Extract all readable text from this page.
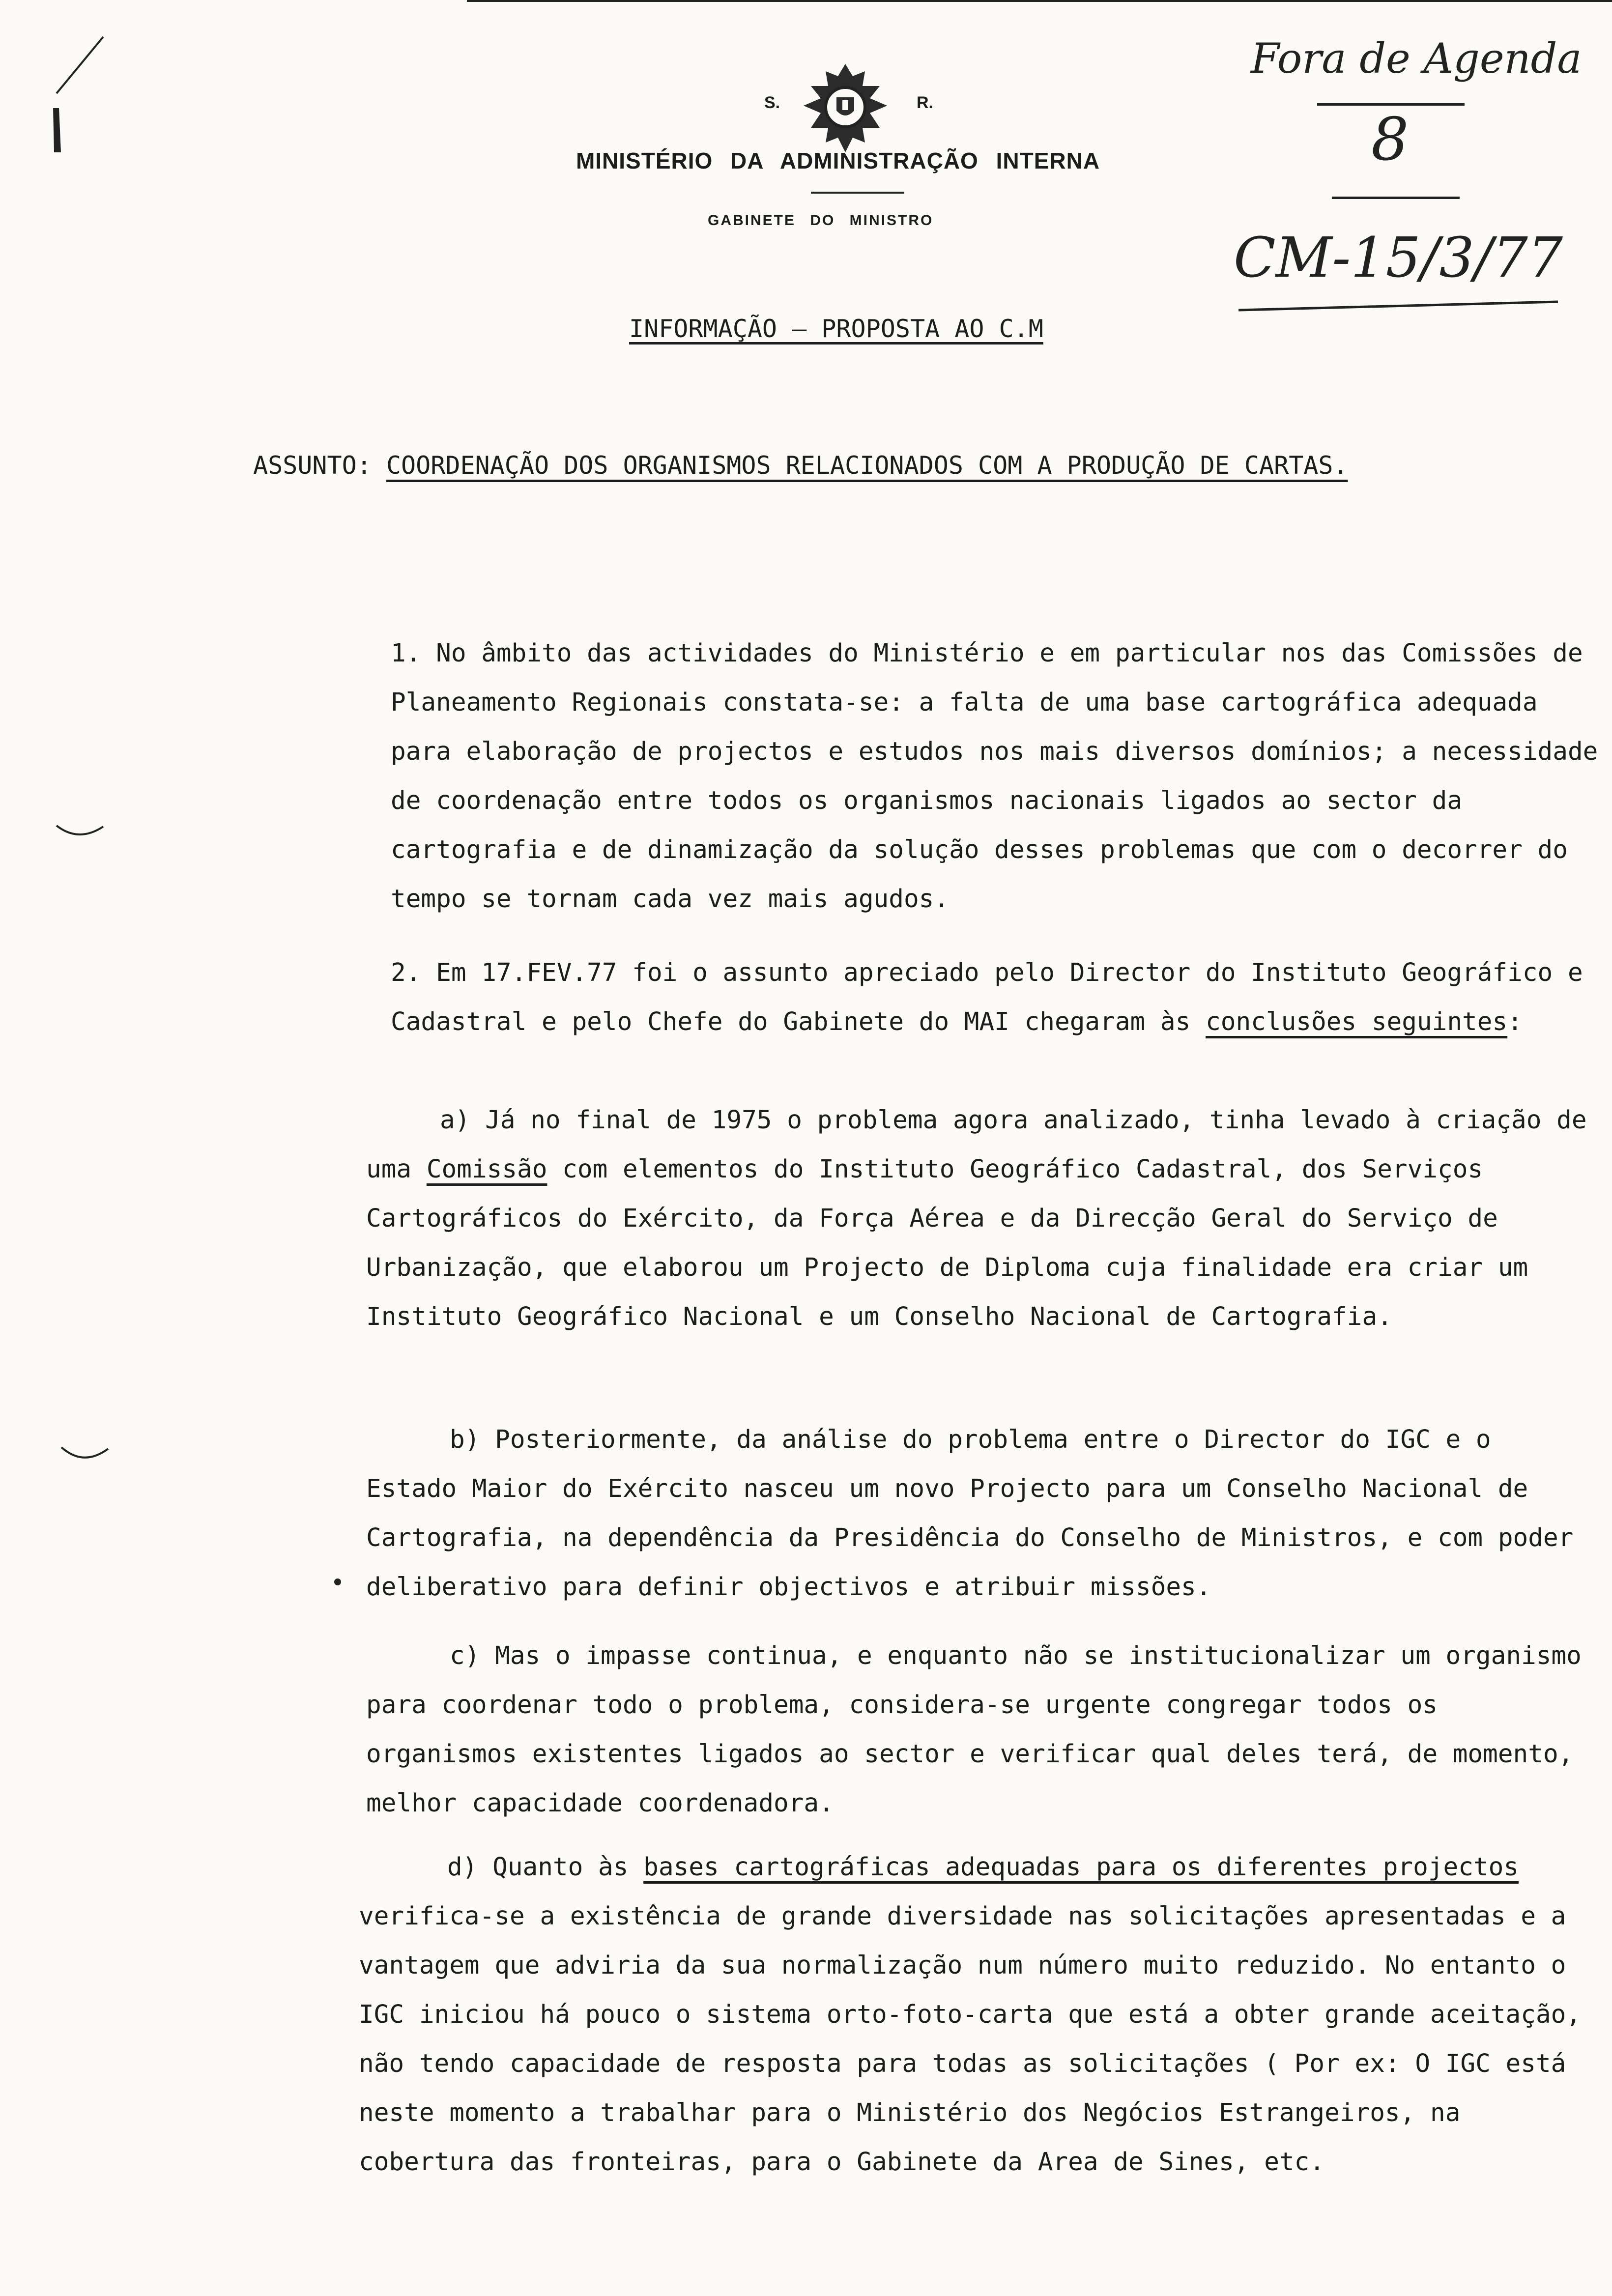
S.	R.
MINISTÉRIO DA ADMINISTRAÇÃO INTERNA
GABINETE DO MINISTRO
Fora de Agenda
8
CM-15/3/77
INFORMAÇÃO – PROPOSTA AO C.M
ASSUNTO: COORDENAÇÃO DOS ORGANISMOS RELACIONADOS COM A PRODUÇÃO DE CARTAS.

1. No âmbito das actividades do Ministério e em particular nos das Comissões de Planeamento Regionais constata-se: a falta de uma base cartográfica adequada para elaboração de projectos e estudos nos mais diversos domínios; a necessidade de coordenação entre todos os organismos nacionais ligados ao sector da cartografia e de dinamização da solução desses problemas que com o decorrer do tempo se tornam cada vez mais agudos.

2. Em 17.FEV.77 foi o assunto apreciado pelo Director do Instituto Geográfico e Cadastral e pelo Chefe do Gabinete do MAI chegaram às conclusões seguintes:

a) Já no final de 1975 o problema agora analizado, tinha levado à criação de uma Comissão com elementos do Instituto Geográfico Cadastral, dos Serviços Cartográficos do Exército, da Força Aérea e da Direcção Geral do Serviço de Urbanização, que elaborou um Projecto de Diploma cuja finalidade era criar um Instituto Geográfico Nacional e um Conselho Nacional de Cartografia.

b) Posteriormente, da análise do problema entre o Director do IGC e o Estado Maior do Exército nasceu um novo Projecto para um Conselho Nacional de Cartografia, na dependência da Presidência do Conselho de Ministros, e com poder deliberativo para definir objectivos e atribuir missões.

c) Mas o impasse continua, e enquanto não se institucionalizar um organismo para coordenar todo o problema, considera-se urgente congregar todos os organismos existentes ligados ao sector e verificar qual deles terá, de momento, melhor capacidade coordenadora.

d) Quanto às bases cartográficas adequadas para os diferentes projectos verifica-se a existência de grande diversidade nas solicitações apresentadas e a vantagem que adviria da sua normalização num número muito reduzido. No entanto o IGC iniciou há pouco o sistema orto-foto-carta que está a obter grande aceitação, não tendo capacidade de resposta para todas as solicitações ( Por ex: O IGC está neste momento a trabalhar para o Ministério dos Negócios Estrangeiros, na cobertura das fronteiras, para o Gabinete da Area de Sines, etc.
